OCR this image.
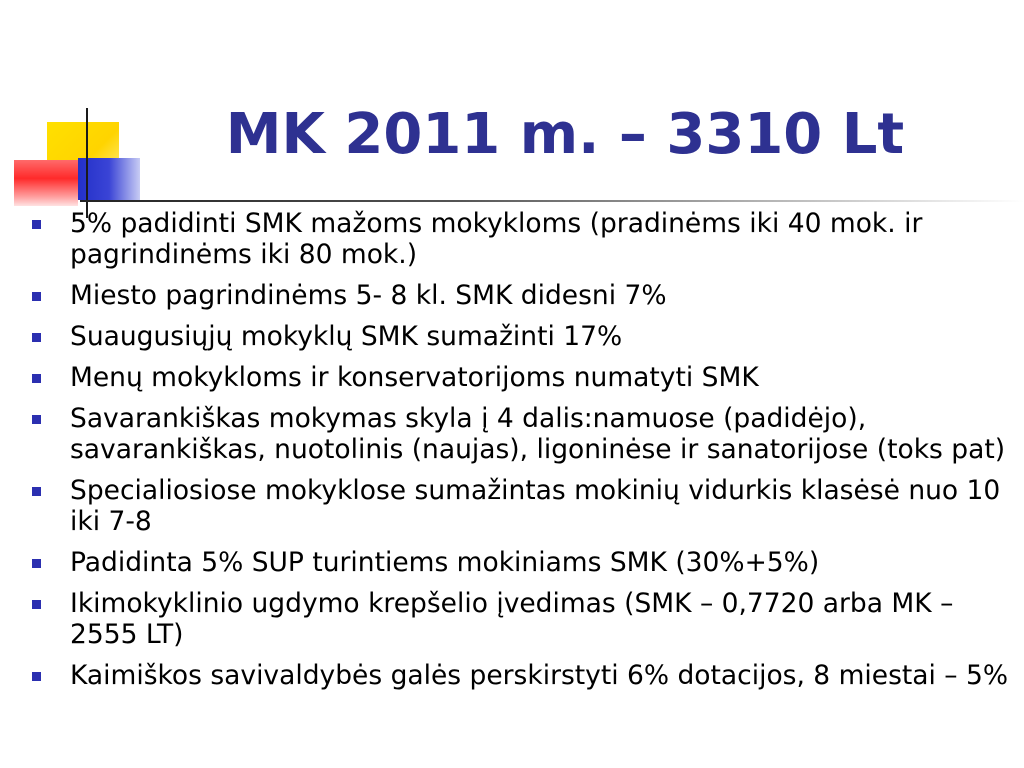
MK 2011 m. – 3310 Lt
5% padidinti SMK mažoms mokykloms (pradinėms iki 40 mok. ir pagrindinėms iki 80 mok.)
Miesto pagrindinėms 5- 8 kl. SMK didesni 7%
Suaugusiųjų mokyklų SMK sumažinti 17%
Menų mokykloms ir konservatorijoms numatyti SMK
Savarankiškas mokymas skyla į 4 dalis:namuose (padidėjo), savarankiškas, nuotolinis (naujas), ligoninėse ir sanatorijose (toks pat)
Specialiosiose mokyklose sumažintas mokinių vidurkis klasėsė nuo 10 iki 7-8
Padidinta 5% SUP turintiems mokiniams SMK (30%+5%)
Ikimokyklinio ugdymo krepšelio įvedimas (SMK – 0,7720 arba MK – 2555 LT)
Kaimiškos savivaldybės galės perskirstyti 6% dotacijos, 8 miestai – 5%
